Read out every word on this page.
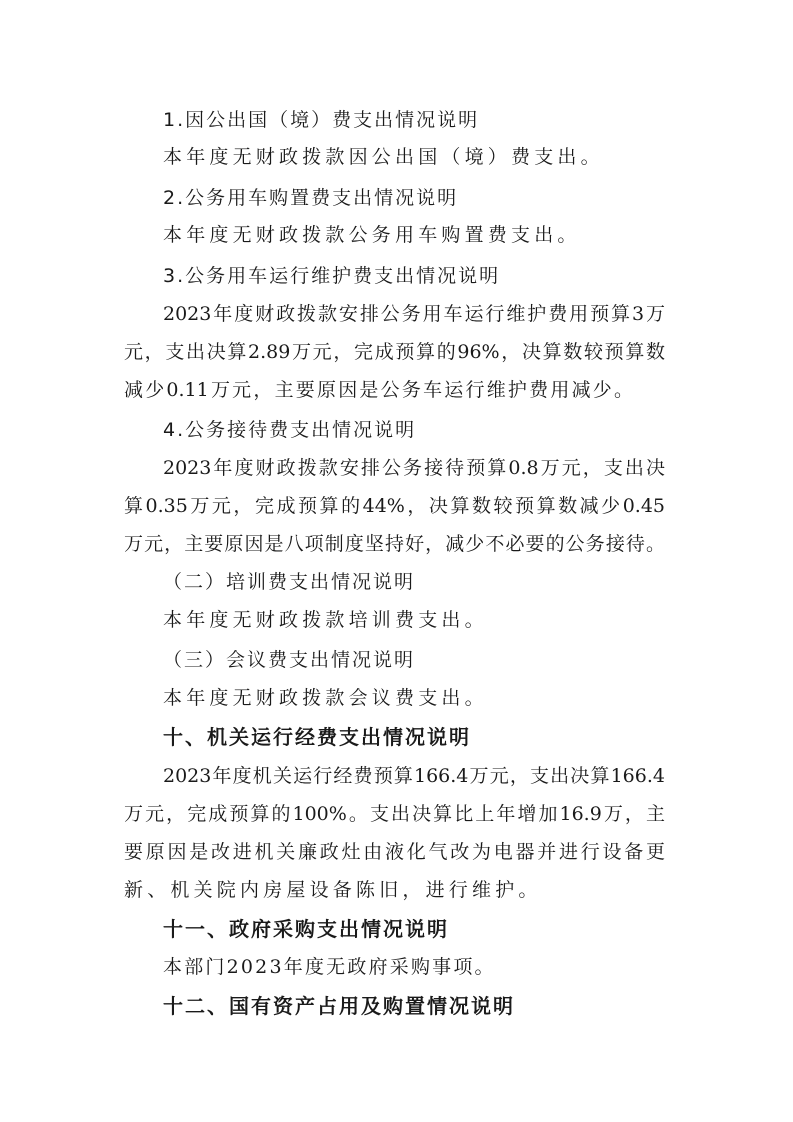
1.因公出国（境）费支出情况说明
本年度无财政拨款因公出国（境）费支出。
2.公务用车购置费支出情况说明
本年度无财政拨款公务用车购置费支出。
3.公务用车运行维护费支出情况说明
2023年度财政拨款安排公务用车运行维护费用预算3万
元，支出决算2.89万元，完成预算的96%，决算数较预算数
减少0.11万元，主要原因是公务车运行维护费用减少。
4.公务接待费支出情况说明
2023年度财政拨款安排公务接待预算0.8万元，支出决
算0.35万元，完成预算的44%，决算数较预算数减少0.45
万元，主要原因是八项制度坚持好，减少不必要的公务接待。
（二）培训费支出情况说明
本年度无财政拨款培训费支出。
（三）会议费支出情况说明
本年度无财政拨款会议费支出。
十、机关运行经费支出情况说明
2023年度机关运行经费预算166.4万元，支出决算166.4
万元，完成预算的100%。支出决算比上年增加16.9万，主
要原因是改进机关廉政灶由液化气改为电器并进行设备更
新、机关院内房屋设备陈旧，进行维护。
十一、政府采购支出情况说明
本部门2023年度无政府采购事项。
十二、国有资产占用及购置情况说明
